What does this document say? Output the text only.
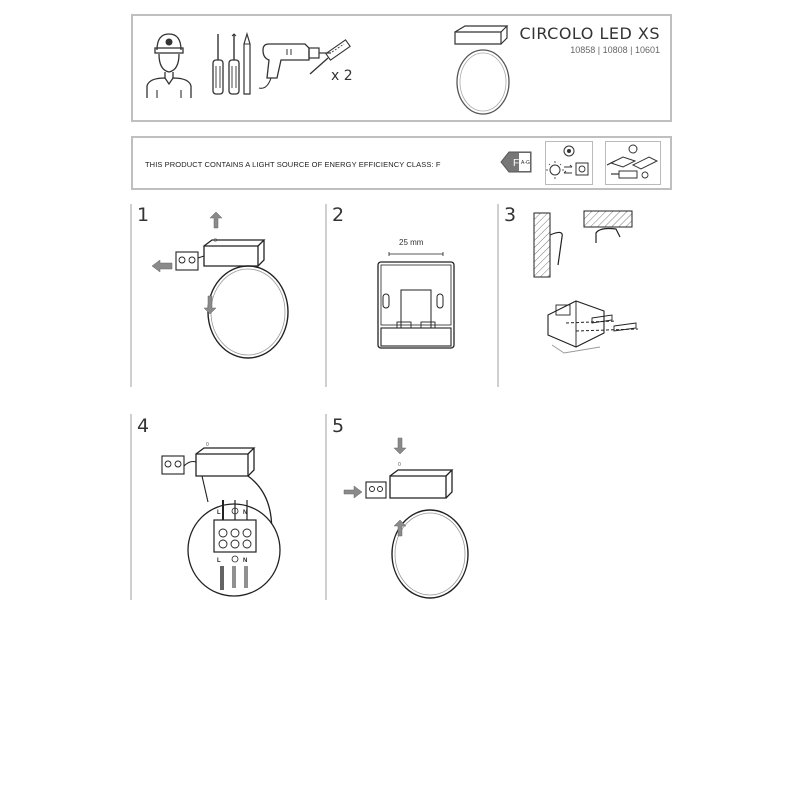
x 2
CIRCOLO LED XS
10858 | 10808 | 10601
THIS PRODUCT CONTAINS A LIGHT SOURCE OF ENERGY EFFICIENCY CLASS: F	F A-G
1	2	3
4	5
0	25 mm
0
L	N
L	N
0
